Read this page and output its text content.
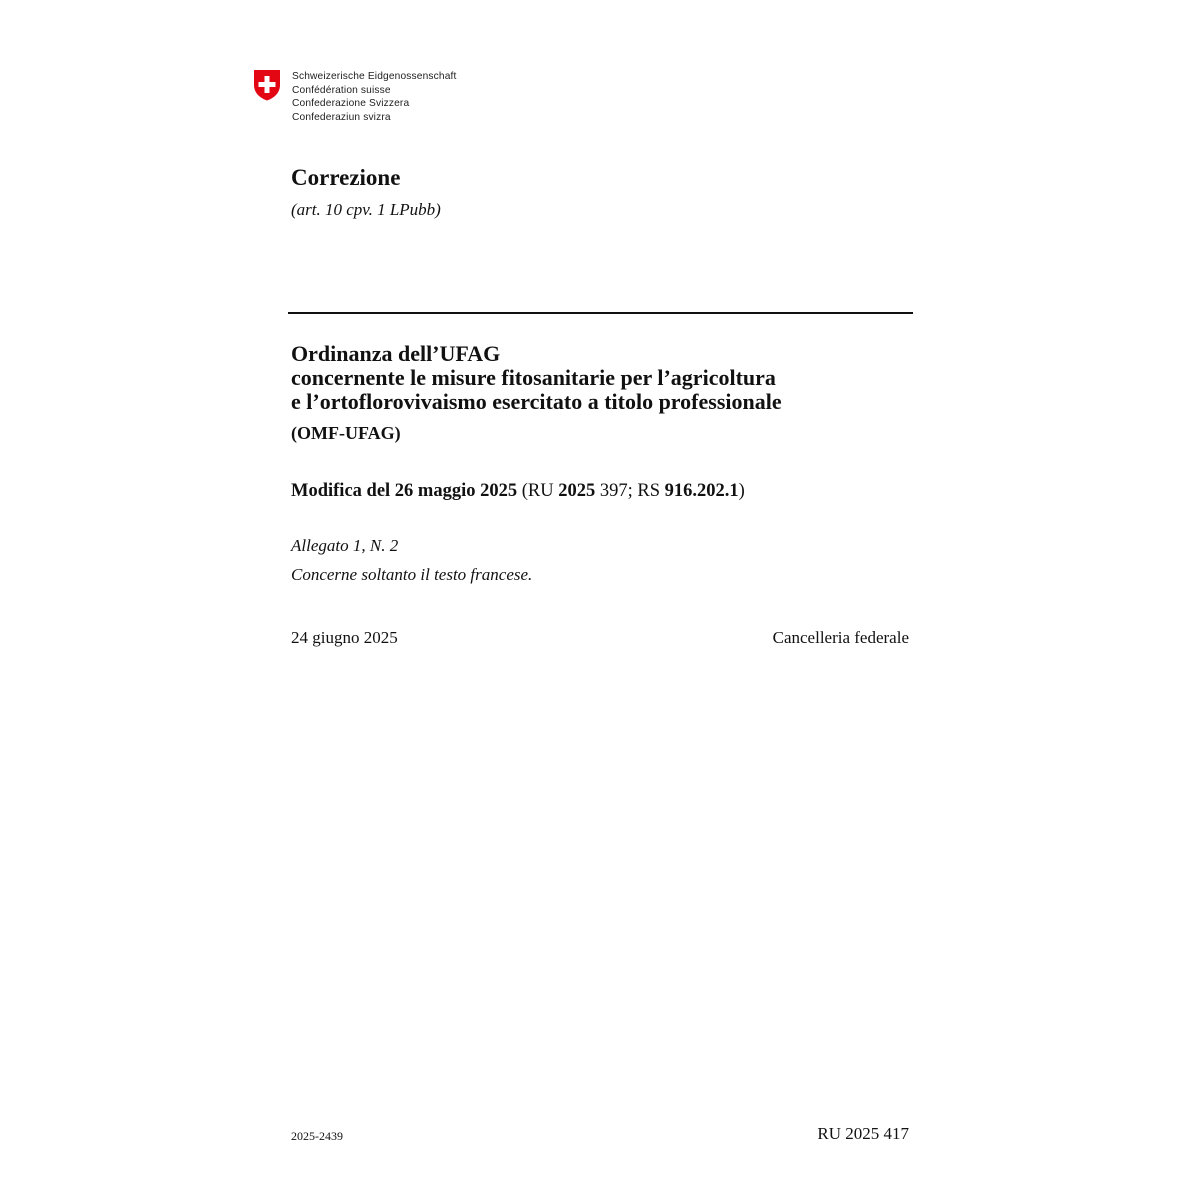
Schweizerische Eidgenossenschaft
Confédération suisse
Confederazione Svizzera
Confederaziun svizra
Correzione
(art. 10 cpv. 1 LPubb)
Ordinanza dell’UFAG
concernente le misure fitosanitarie per l’agricoltura
e l’ortoflorovivaismo esercitato a titolo professionale
(OMF-UFAG)
Modifica del 26 maggio 2025 (RU 2025 397; RS 916.202.1)
Allegato 1, N. 2
Concerne soltanto il testo francese.
24 giugno 2025	Cancelleria federale
2025-2439	RU 2025 417
